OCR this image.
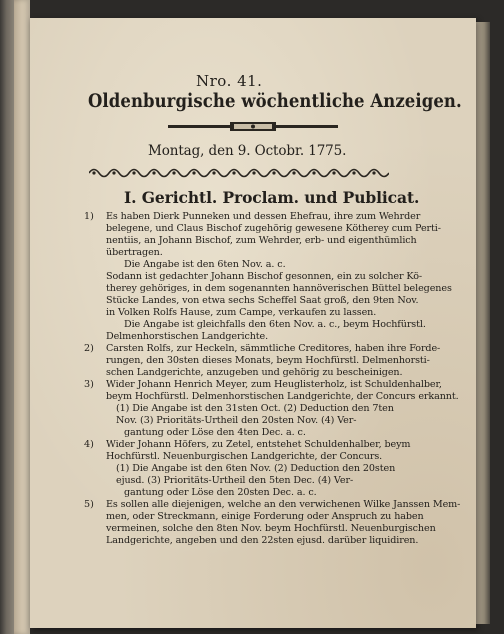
Nro. 41.
Oldenburgische wöchentliche Anzeigen.
Montag, den 9. Octobr. 1775.
I. Gerichtl. Proclam. und Publicat.
1) Es haben Dierk Punneken und dessen Ehefrau, ihre zum Wehrder
belegene, und Claus Bischof zugehörig gewesene Kötherey cum Perti-
nentiis, an Johann Bischof, zum Wehrder, erb- und eigenthümlich
übertragen.
Die Angabe ist den 6ten Nov. a. c.
Sodann ist gedachter Johann Bischof gesonnen, ein zu solcher Kö-
therey gehöriges, in dem sogenannten hannöverischen Büttel belegenes
Stücke Landes, von etwa sechs Scheffel Saat groß, den 9ten Nov.
in Volken Rolfs Hause, zum Campe, verkaufen zu lassen.
Die Angabe ist gleichfalls den 6ten Nov. a. c., beym Hochfürstl.
Delmenhorstischen Landgerichte.
2) Carsten Rolfs, zur Heckeln, sämmtliche Creditores, haben ihre Forde-
rungen, den 30sten dieses Monats, beym Hochfürstl. Delmenhorsti-
schen Landgerichte, anzugeben und gehörig zu bescheinigen.
3) Wider Johann Henrich Meyer, zum Heuglisterholz, ist Schuldenhalber,
beym Hochfürstl. Delmenhorstischen Landgerichte, der Concurs erkannt.
(1) Die Angabe ist den 31sten Oct. (2) Deduction den 7ten
Nov. (3) Prioritäts-Urtheil den 20sten Nov. (4) Ver-
gantung oder Löse den 4ten Dec. a. c.
4) Wider Johann Höfers, zu Zetel, entstehet Schuldenhalber, beym
Hochfürstl. Neuenburgischen Landgerichte, der Concurs.
(1) Die Angabe ist den 6ten Nov. (2) Deduction den 20sten
ejusd. (3) Prioritäts-Urtheil den 5ten Dec. (4) Ver-
gantung oder Löse den 20sten Dec. a. c.
5) Es sollen alle diejenigen, welche an den verwichenen Wilke Janssen Mem-
men, oder Streckmann, einige Forderung oder Anspruch zu haben
vermeinen, solche den 8ten Nov. beym Hochfürstl. Neuenburgischen
Landgerichte, angeben und den 22sten ejusd. darüber liquidiren.
